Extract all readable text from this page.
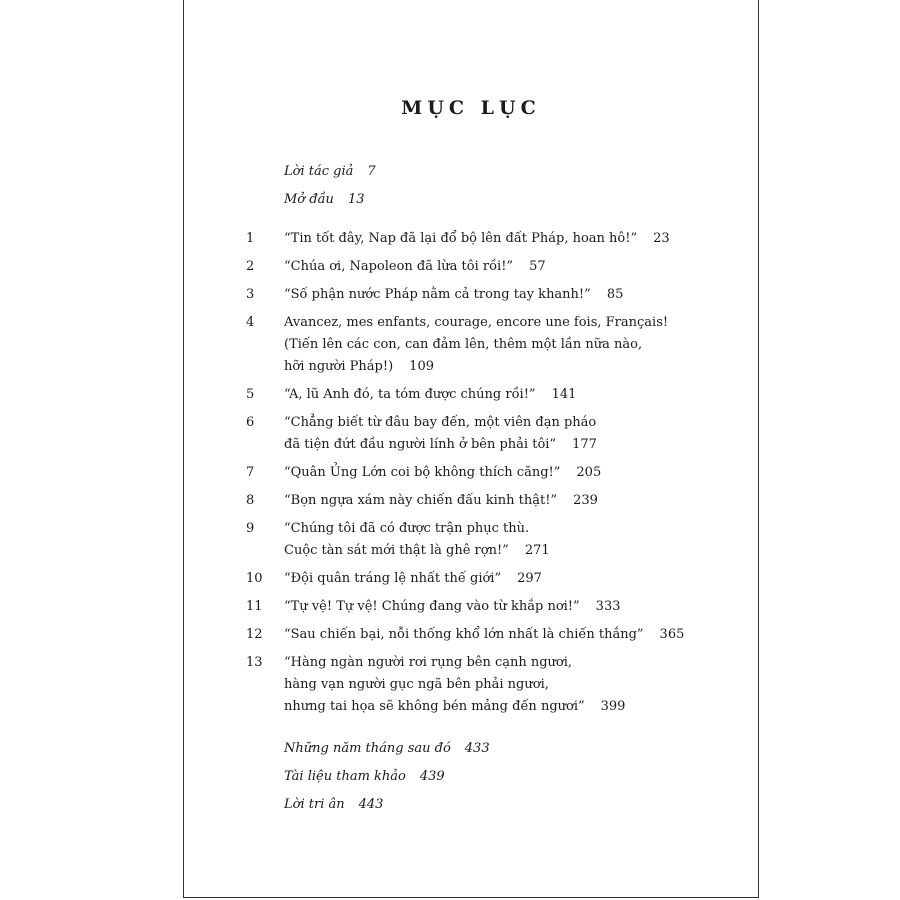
MỤC LỤC
Lời tác giả 7
Mở đầu 13
1	“Tin tốt đây, Nap đã lại đổ bộ lên đất Pháp, hoan hô!” 23
2	“Chúa ơi, Napoleon đã lừa tôi rồi!” 57
3	“Số phận nước Pháp nằm cả trong tay khanh!” 85
4	Avancez, mes enfants, courage, encore une fois, Français!
(Tiến lên các con, can đảm lên, thêm một lần nữa nào,
hỡi người Pháp!) 109
5	“A, lũ Anh đó, ta tóm được chúng rồi!” 141
6	“Chẳng biết từ đâu bay đến, một viên đạn pháo
đã tiện đứt đầu người lính ở bên phải tôi” 177
7	“Quân Ủng Lớn coi bộ không thích căng!” 205
8	“Bọn ngựa xám này chiến đấu kinh thật!” 239
9	“Chúng tôi đã có được trận phục thù.
Cuộc tàn sát mới thật là ghê rợn!” 271
10	“Đội quân tráng lệ nhất thế giới” 297
11	“Tự vệ! Tự vệ! Chúng đang vào từ khắp nơi!” 333
12	“Sau chiến bại, nỗi thống khổ lớn nhất là chiến thắng” 365
13	“Hàng ngàn người rơi rụng bên cạnh ngươi,
hàng vạn người gục ngã bên phải ngươi,
nhưng tai họa sẽ không bén mảng đến ngươi” 399
Những năm tháng sau đó 433
Tài liệu tham khảo 439
Lời tri ân 443
